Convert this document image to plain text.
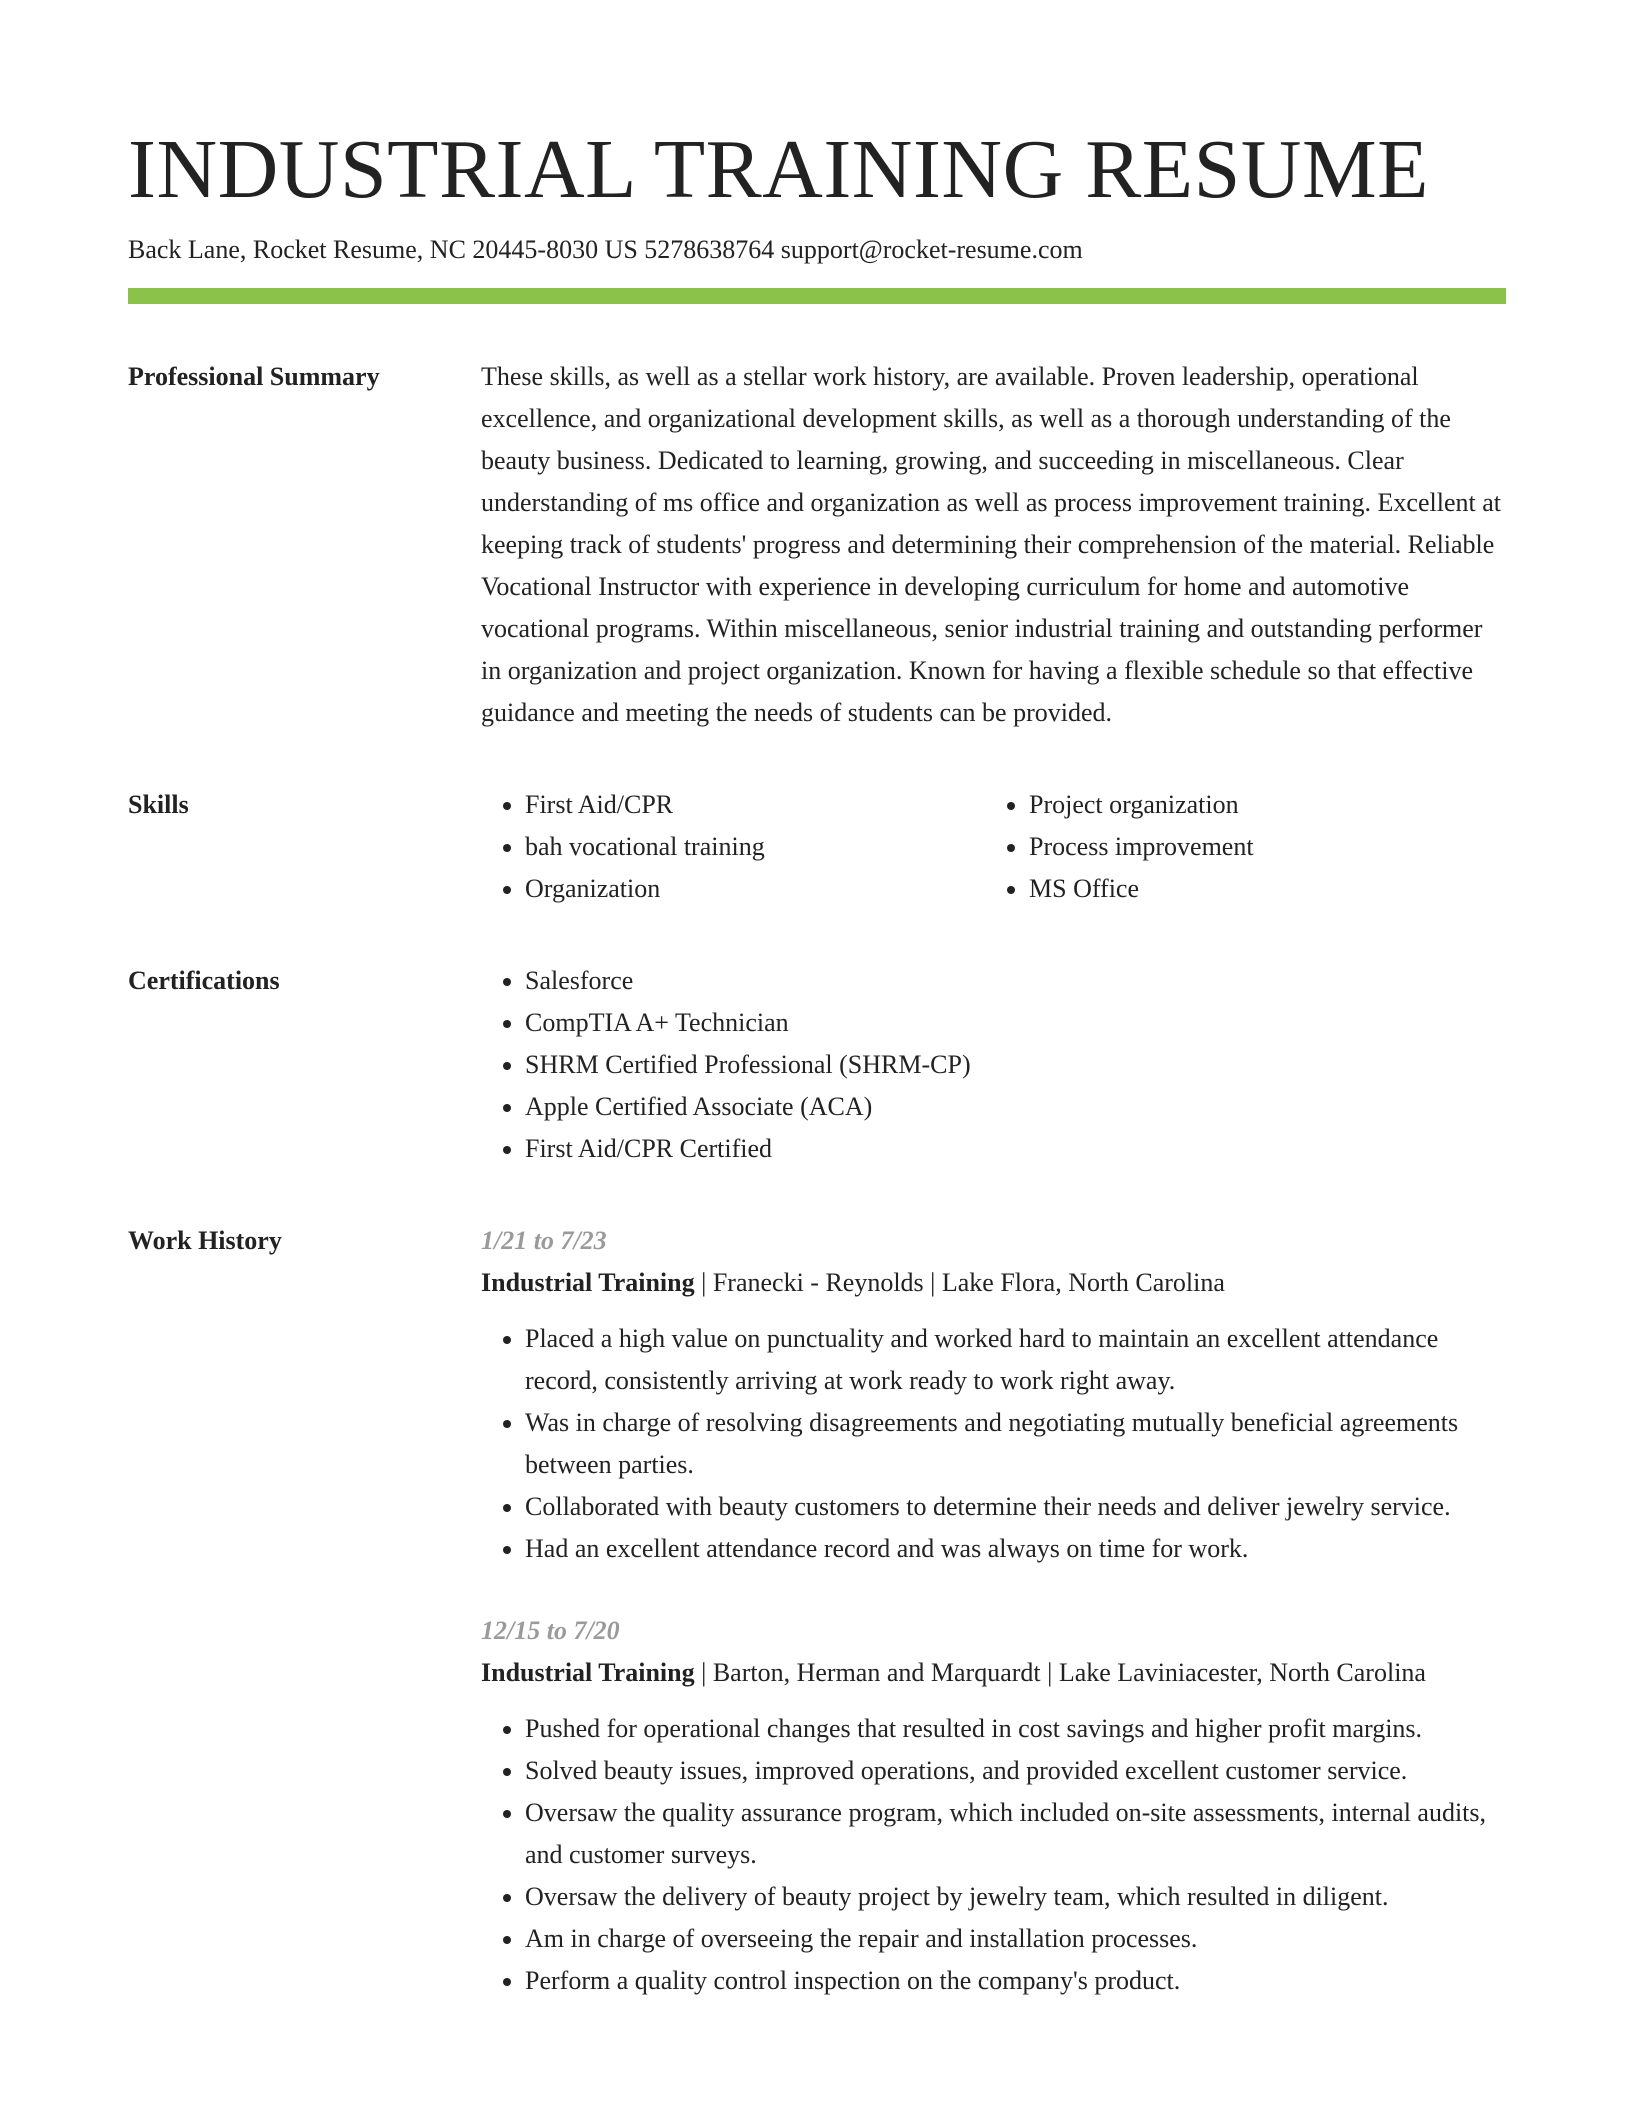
INDUSTRIAL TRAINING RESUME
Back Lane, Rocket Resume, NC 20445-8030 US 5278638764 support@rocket-resume.com
Professional Summary	These skills, as well as a stellar work history, are available. Proven leadership, operational excellence, and organizational development skills, as well as a thorough understanding of the beauty business. Dedicated to learning, growing, and succeeding in miscellaneous. Clear understanding of ms office and organization as well as process improvement training. Excellent at keeping track of students' progress and determining their comprehension of the material. Reliable Vocational Instructor with experience in developing curriculum for home and automotive vocational programs. Within miscellaneous, senior industrial training and outstanding performer in organization and project organization. Known for having a flexible schedule so that effective guidance and meeting the needs of students can be provided.

Skills	• First Aid/CPR
• bah vocational training
• Organization
• Project organization
• Process improvement
• MS Office
Certifications	• Salesforce
• CompTIA A+ Technician
• SHRM Certified Professional (SHRM-CP)
• Apple Certified Associate (ACA)
• First Aid/CPR Certified
Work History	1/21 to 7/23
Industrial Training | Franecki - Reynolds | Lake Flora, North Carolina
• Placed a high value on punctuality and worked hard to maintain an excellent attendance record, consistently arriving at work ready to work right away.
• Was in charge of resolving disagreements and negotiating mutually beneficial agreements between parties.
• Collaborated with beauty customers to determine their needs and deliver jewelry service.
• Had an excellent attendance record and was always on time for work.
12/15 to 7/20
Industrial Training | Barton, Herman and Marquardt | Lake Laviniacester, North Carolina
• Pushed for operational changes that resulted in cost savings and higher profit margins.
• Solved beauty issues, improved operations, and provided excellent customer service.
• Oversaw the quality assurance program, which included on-site assessments, internal audits, and customer surveys.
• Oversaw the delivery of beauty project by jewelry team, which resulted in diligent.
• Am in charge of overseeing the repair and installation processes.
• Perform a quality control inspection on the company's product.
